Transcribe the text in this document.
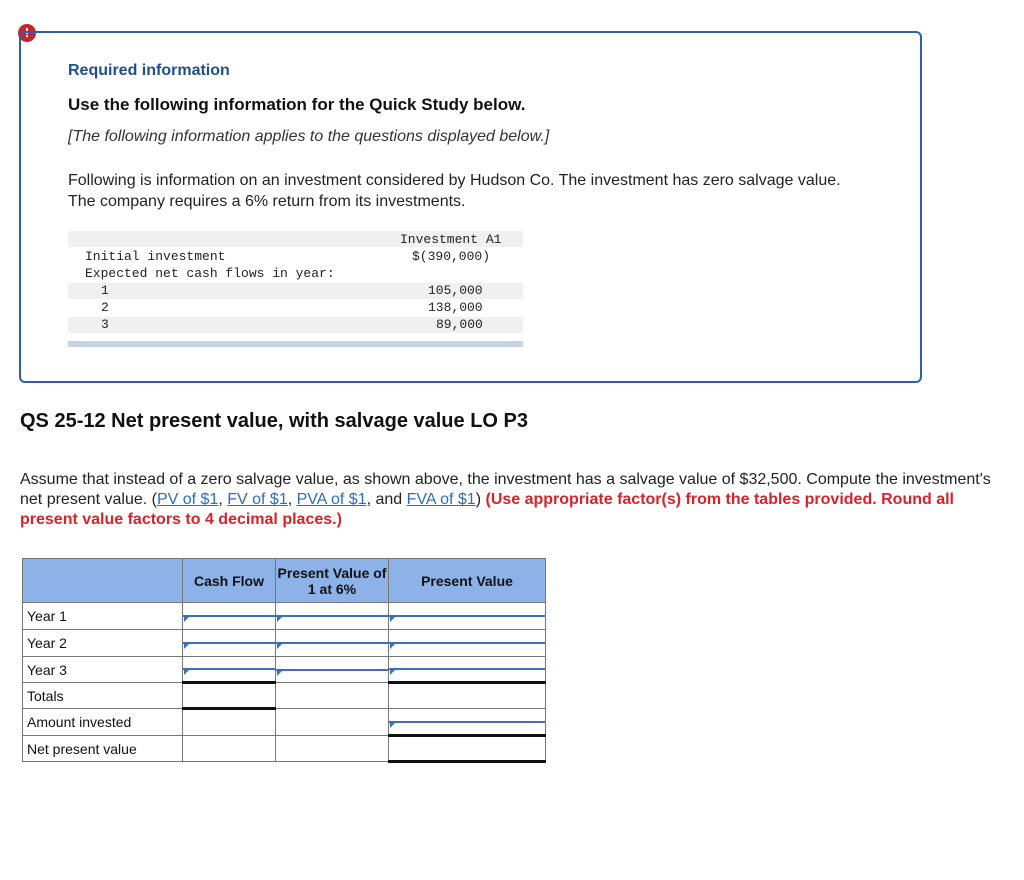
!
Required information
Use the following information for the Quick Study below.
[The following information applies to the questions displayed below.]
Following is information on an investment considered by Hudson Co. The investment has zero salvage value. The company requires a 6% return from its investments.
Investment A1
Initial investment	$(390,000)
Expected net cash flows in year:
1	105,000
2	138,000
3	89,000
QS 25-12 Net present value, with salvage value LO P3
Assume that instead of a zero salvage value, as shown above, the investment has a salvage value of $32,500. Compute the investment's net present value. (PV of $1, FV of $1, PVA of $1, and FVA of $1) (Use appropriate factor(s) from the tables provided. Round all present value factors to 4 decimal places.)
	Cash Flow	Present Value of 1 at 6%	Present Value
Year 1	

Year 2	

Year 3	

Totals	

Amount invested	

Net present value	
